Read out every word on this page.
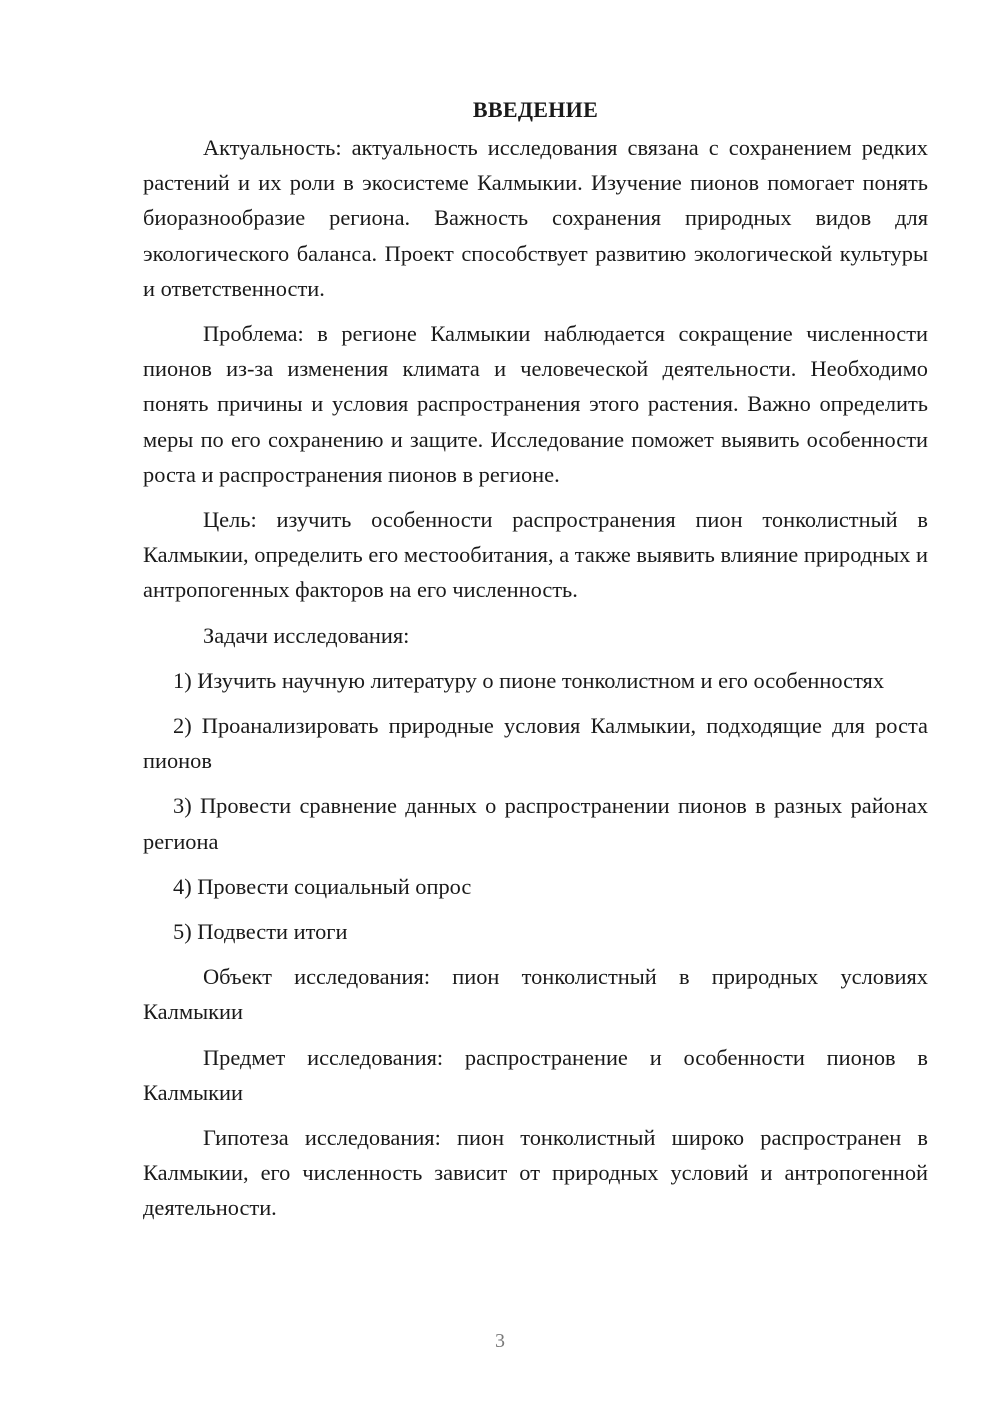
ВВЕДЕНИЕ

Актуальность: актуальность исследования связана с сохранением редких растений и их роли в экосистеме Калмыкии. Изучение пионов помогает понять биоразнообразие региона. Важность сохранения природных видов для экологического баланса. Проект способствует развитию экологической культуры и ответственности.

Проблема: в регионе Калмыкии наблюдается сокращение численности пионов из-за изменения климата и человеческой деятельности. Необходимо понять причины и условия распространения этого растения. Важно определить меры по его сохранению и защите. Исследование поможет выявить особенности роста и распространения пионов в регионе.

Цель: изучить особенности распространения пион тонколистный в Калмыкии, определить его местообитания, а также выявить влияние природных и антропогенных факторов на его численность.

Задачи исследования:

1) Изучить научную литературу о пионе тонколистном и его особенностях

2) Проанализировать природные условия Калмыкии, подходящие для роста пионов

3) Провести сравнение данных о распространении пионов в разных районах региона

4) Провести социальный опрос

5) Подвести итоги

Объект исследования: пион тонколистный в природных условиях Калмыкии

Предмет исследования: распространение и особенности пионов в Калмыкии

Гипотеза исследования: пион тонколистный широко распространен в Калмыкии, его численность зависит от природных условий и антропогенной деятельности.

3
